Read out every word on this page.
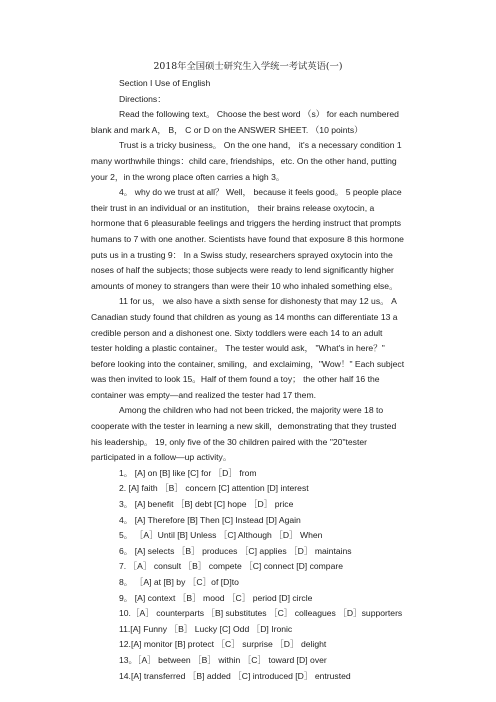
2018年全国硕士研究生入学统一考试英语(一)

Section I Use of English

Directions：

Read the following text。 Choose the best word （s） for each numbered blank and mark A， B， C or D on the ANSWER SHEET. （10 points）

Trust is a tricky business。 On the one hand， it's a necessary condition 1 many worthwhile things：child care, friendships，etc. On the other hand, putting your 2，in the wrong place often carries a high 3。

4。 why do we trust at all？ Well， because it feels good。 5 people place their trust in an individual or an institution， their brains release oxytocin, a hormone that 6 pleasurable feelings and triggers the herding instruct that prompts humans to 7 with one another. Scientists have found that exposure 8 this hormone puts us in a trusting 9： In a Swiss study, researchers sprayed oxytocin into the noses of half the subjects; those subjects were ready to lend significantly higher amounts of money to strangers than were their 10 who inhaled something else。

11 for us， we also have a sixth sense for dishonesty that may 12 us。 A Canadian study found that children as young as 14 months can differentiate 13 a credible person and a dishonest one. Sixty toddlers were each 14 to an adult tester holding a plastic container。 The tester would ask， "What's in here？" before looking into the container, smiling，and exclaiming，"Wow！" Each subject was then invited to look 15。Half of them found a toy； the other half 16 the container was empty—and realized the tester had 17 them.

Among the children who had not been tricked, the majority were 18 to cooperate with the tester in learning a new skill，demonstrating that they trusted his leadership。 19, only five of the 30 children paired with the "20"tester participated in a follow—up activity。

1。 [A] on [B] like [C] for ［D］ from

2. [A] faith ［B］ concern [C] attention [D] interest

3。 [A] benefit ［B] debt [C] hope ［D］ price

4。 [A] Therefore [B] Then [C] Instead [D] Again

5。 ［A］Until [B] Unless ［C] Although ［D］ When

6。 [A] selects ［B］ produces ［C] applies ［D］ maintains

7. ［A］ consult ［B］ compete ［C] connect [D] compare

8。 ［A] at [B] by ［C］of [D]to

9。 [A] context ［B］ mood ［C］ period [D] circle

10.［A］ counterparts ［B] substitutes ［C］ colleagues ［D］supporters

11.[A] Funny ［B］ Lucky [C] Odd ［D] Ironic

12.[A] monitor [B] protect ［C］ surprise ［D］ delight

13。［A］ between ［B］ within ［C］ toward [D] over

14.[A] transferred ［B] added ［C] introduced [D］ entrusted
